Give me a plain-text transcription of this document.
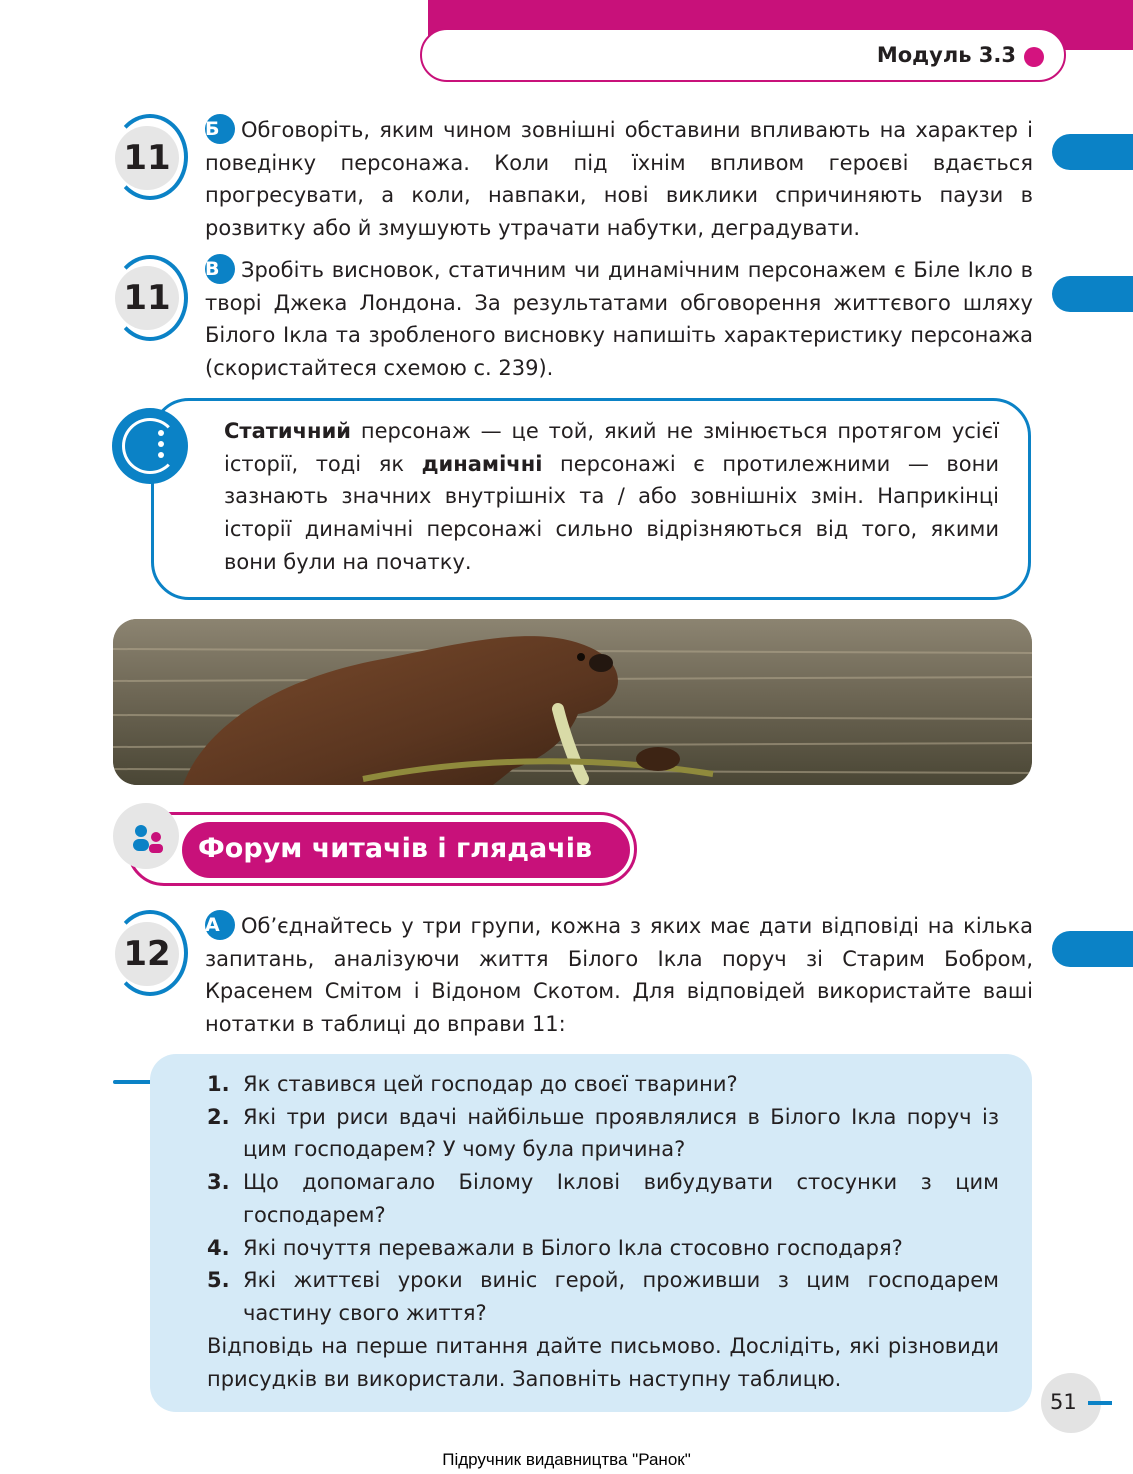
Модуль 3.3
11

Б Обговоріть, яким чином зовнішні обставини впливають на характер і поведінку персонажа. Коли під їхнім впливом героєві вдається прогресувати, а коли, навпаки, нові виклики спричиняють паузи в розвитку або й змушують утрачати набутки, деградувати.

11

В Зробіть висновок, статичним чи динамічним персонажем є Біле Ікло в творі Джека Лондона. За результатами обговорення життєвого шляху Білого Ікла та зробленого висновку напишіть характеристику персонажа (скористайтеся схемою с. 239).

Статичний персонаж — це той, який не змінюється протягом усієї історії, тоді як динамічні персонажі є протилежними — вони зазнають значних внутрішніх та / або зовнішніх змін. Наприкінці історії динамічні персонажі сильно відрізняються від того, якими вони були на початку.

Форум читачів і глядачів
12

А Об’єднайтесь у три групи, кожна з яких має дати відповіді на кілька запитань, аналізуючи життя Білого Ікла поруч зі Старим Бобром, Красенем Смітом і Відоном Скотом. Для відповідей використайте ваші нотатки в таблиці до вправи 11:

1. Як ставився цей господар до своєї тварини?
2. Які три риси вдачі найбільше проявлялися в Білого Ікла поруч із цим господарем? У чому була причина?
3. Що допомагало Білому Іклові вибудувати стосунки з цим господарем?
4. Які почуття переважали в Білого Ікла стосовно господаря?
5. Які життєві уроки виніс герой, проживши з цим господарем частину свого життя?

Відповідь на перше питання дайте письмово. Дослідіть, які різновиди присудків ви використали. Заповніть наступну таблицю.

51
Підручник видавництва "Ранок"
